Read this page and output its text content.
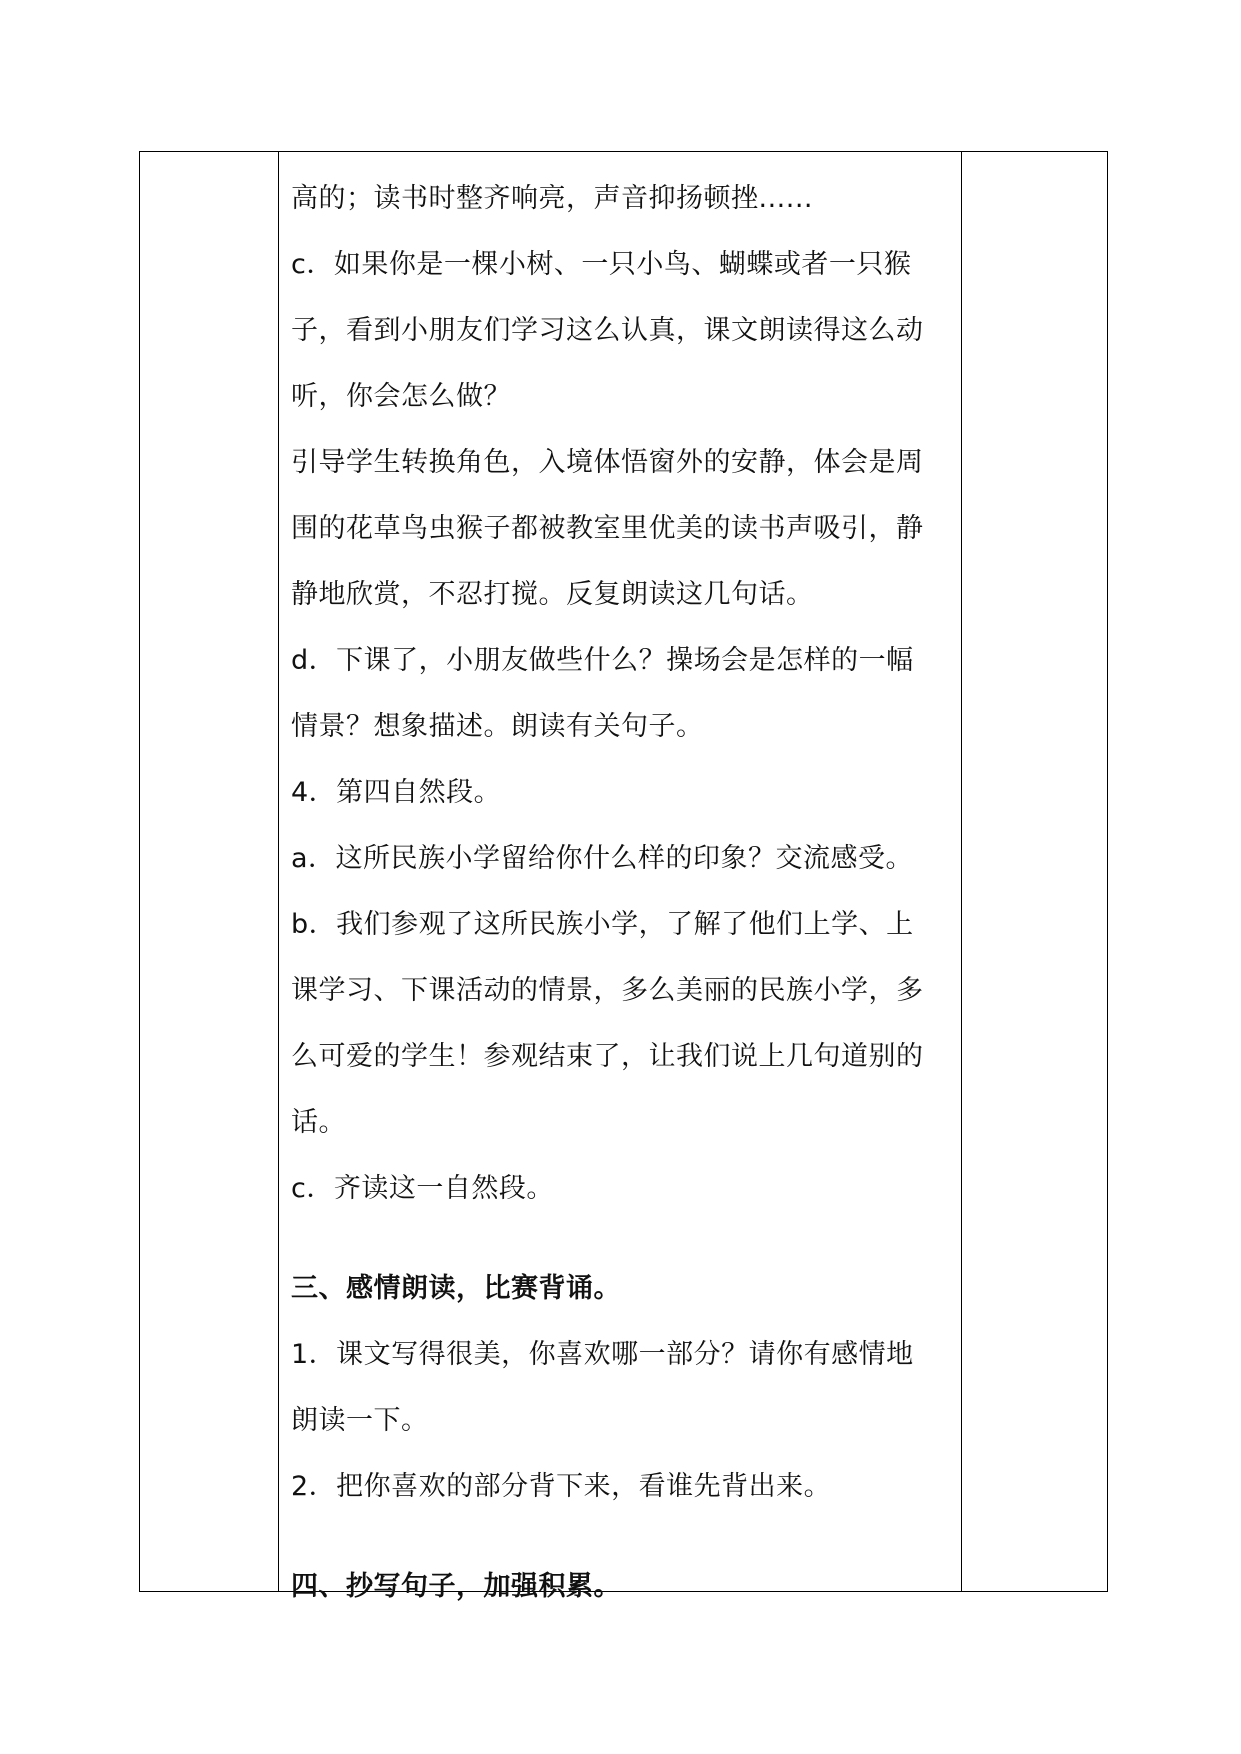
高的；读书时整齐响亮，声音抑扬顿挫......
c．如果你是一棵小树、一只小鸟、蝴蝶或者一只猴
子，看到小朋友们学习这么认真，课文朗读得这么动
听，你会怎么做？
引导学生转换角色，入境体悟窗外的安静，体会是周
围的花草鸟虫猴子都被教室里优美的读书声吸引，静
静地欣赏，不忍打搅。反复朗读这几句话。
d．下课了，小朋友做些什么？操场会是怎样的一幅
情景？想象描述。朗读有关句子。
4．第四自然段。
a．这所民族小学留给你什么样的印象？交流感受。
b．我们参观了这所民族小学，了解了他们上学、上
课学习、下课活动的情景，多么美丽的民族小学，多
么可爱的学生！参观结束了，让我们说上几句道别的
话。
c．齐读这一自然段。
三、感情朗读，比赛背诵。
1．课文写得很美，你喜欢哪一部分？请你有感情地
朗读一下。
2．把你喜欢的部分背下来，看谁先背出来。
四、抄写句子，加强积累。
